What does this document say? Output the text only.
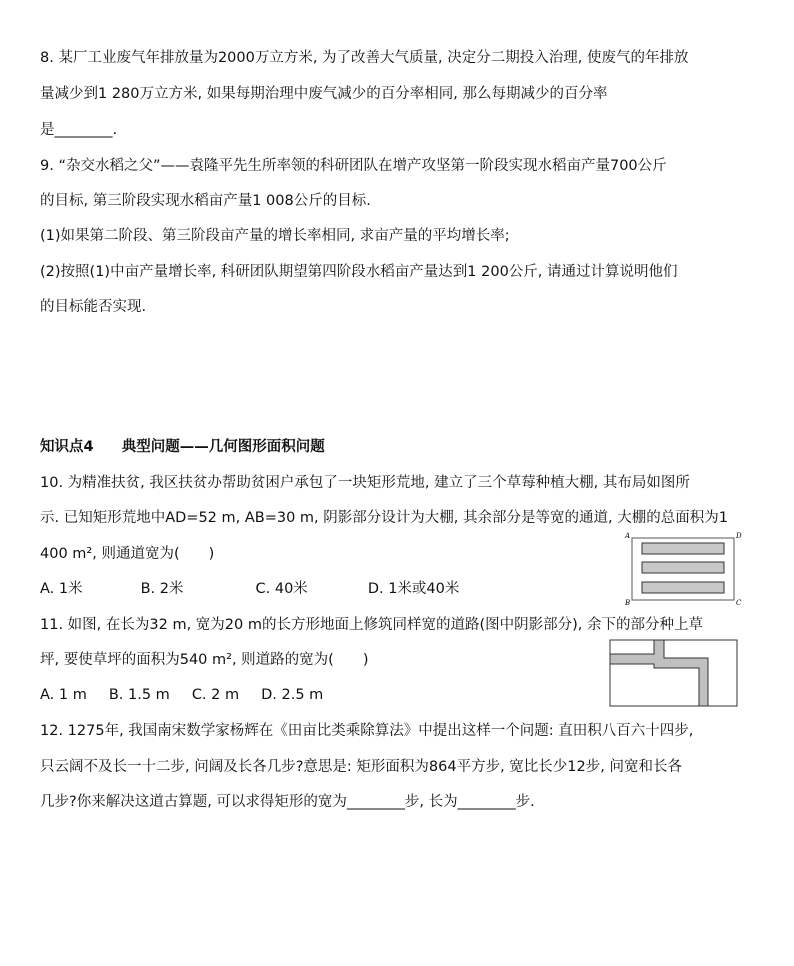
8. 某厂工业废气年排放量为2000万立方米, 为了改善大气质量, 决定分二期投入治理, 使废气的年排放
量减少到1 280万立方米, 如果每期治理中废气减少的百分率相同, 那么每期减少的百分率
是________.
9. “杂交水稻之父”——袁隆平先生所率领的科研团队在增产攻坚第一阶段实现水稻亩产量700公斤
的目标, 第三阶段实现水稻亩产量1 008公斤的目标.
(1)如果第二阶段、第三阶段亩产量的增长率相同, 求亩产量的平均增长率;
(2)按照(1)中亩产量增长率, 科研团队期望第四阶段水稻亩产量达到1 200公斤, 请通过计算说明他们
的目标能否实现.
知识点4 典型问题——几何图形面积问题
10. 为精准扶贫, 我区扶贫办帮助贫困户承包了一块矩形荒地, 建立了三个草莓种植大棚, 其布局如图所
示. 已知矩形荒地中AD=52 m, AB=30 m, 阴影部分设计为大棚, 其余部分是等宽的通道, 大棚的总面积为1
400 m², 则通道宽为(　　)
A. 1米	B. 2米	C. 40米	D. 1米或40米
A	D
B	C
11. 如图, 在长为32 m, 宽为20 m的长方形地面上修筑同样宽的道路(图中阴影部分), 余下的部分种上草
坪, 要使草坪的面积为540 m², 则道路的宽为(　　)
A. 1 m B. 1.5 m C. 2 m D. 2.5 m
12. 1275年, 我国南宋数学家杨辉在《田亩比类乘除算法》中提出这样一个问题: 直田积八百六十四步,
只云阔不及长一十二步, 问阔及长各几步?意思是: 矩形面积为864平方步, 宽比长少12步, 问宽和长各
几步?你来解决这道古算题, 可以求得矩形的宽为________步, 长为________步.
